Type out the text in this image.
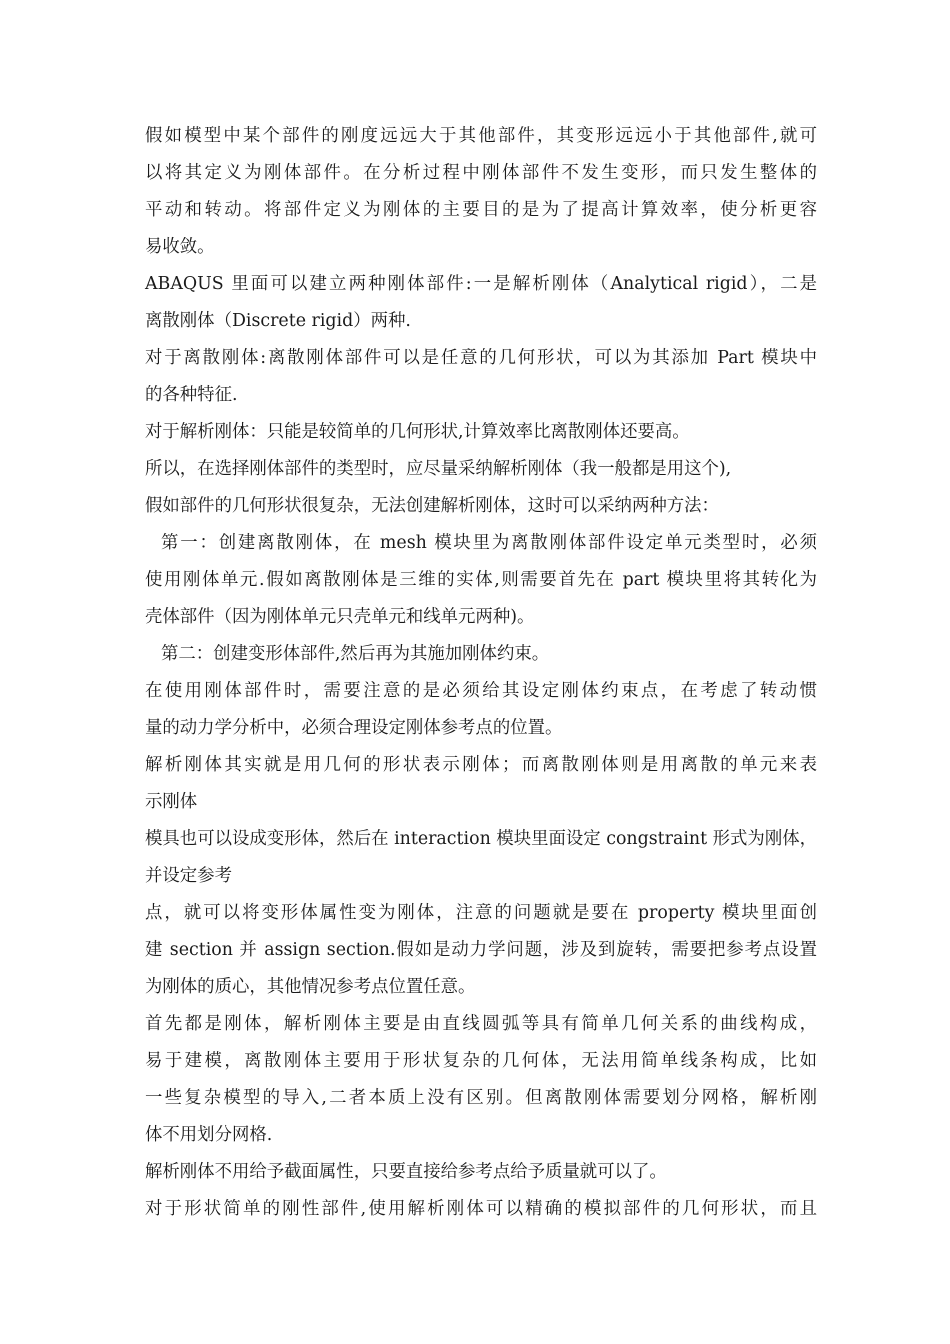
假如模型中某个部件的刚度远远大于其他部件，其变形远远小于其他部件,就可
以将其定义为刚体部件。在分析过程中刚体部件不发生变形，而只发生整体的
平动和转动。将部件定义为刚体的主要目的是为了提高计算效率，使分析更容
易收敛。
ABAQUS 里面可以建立两种刚体部件:一是解析刚体（Analytical rigid），二是
离散刚体（Discrete rigid）两种.
对于离散刚体:离散刚体部件可以是任意的几何形状，可以为其添加 Part 模块中
的各种特征.
对于解析刚体：只能是较简单的几何形状,计算效率比离散刚体还要高。
所以，在选择刚体部件的类型时，应尽量采纳解析刚体（我一般都是用这个),
假如部件的几何形状很复杂，无法创建解析刚体，这时可以采纳两种方法：
第一：创建离散刚体，在 mesh 模块里为离散刚体部件设定单元类型时，必须
使用刚体单元.假如离散刚体是三维的实体,则需要首先在 part 模块里将其转化为
壳体部件（因为刚体单元只壳单元和线单元两种)。
第二：创建变形体部件,然后再为其施加刚体约束。
在使用刚体部件时，需要注意的是必须给其设定刚体约束点，在考虑了转动惯
量的动力学分析中，必须合理设定刚体参考点的位置。
解析刚体其实就是用几何的形状表示刚体；而离散刚体则是用离散的单元来表
示刚体
模具也可以设成变形体，然后在 interaction 模块里面设定 congstraint 形式为刚体，
并设定参考
点，就可以将变形体属性变为刚体，注意的问题就是要在 property 模块里面创
建 section 并 assign section.假如是动力学问题，涉及到旋转，需要把参考点设置
为刚体的质心，其他情况参考点位置任意。
首先都是刚体，解析刚体主要是由直线圆弧等具有简单几何关系的曲线构成，
易于建模，离散刚体主要用于形状复杂的几何体，无法用简单线条构成，比如
一些复杂模型的导入,二者本质上没有区别。但离散刚体需要划分网格，解析刚
体不用划分网格.
解析刚体不用给予截面属性，只要直接给参考点给予质量就可以了。
对于形状简单的刚性部件,使用解析刚体可以精确的模拟部件的几何形状，而且
